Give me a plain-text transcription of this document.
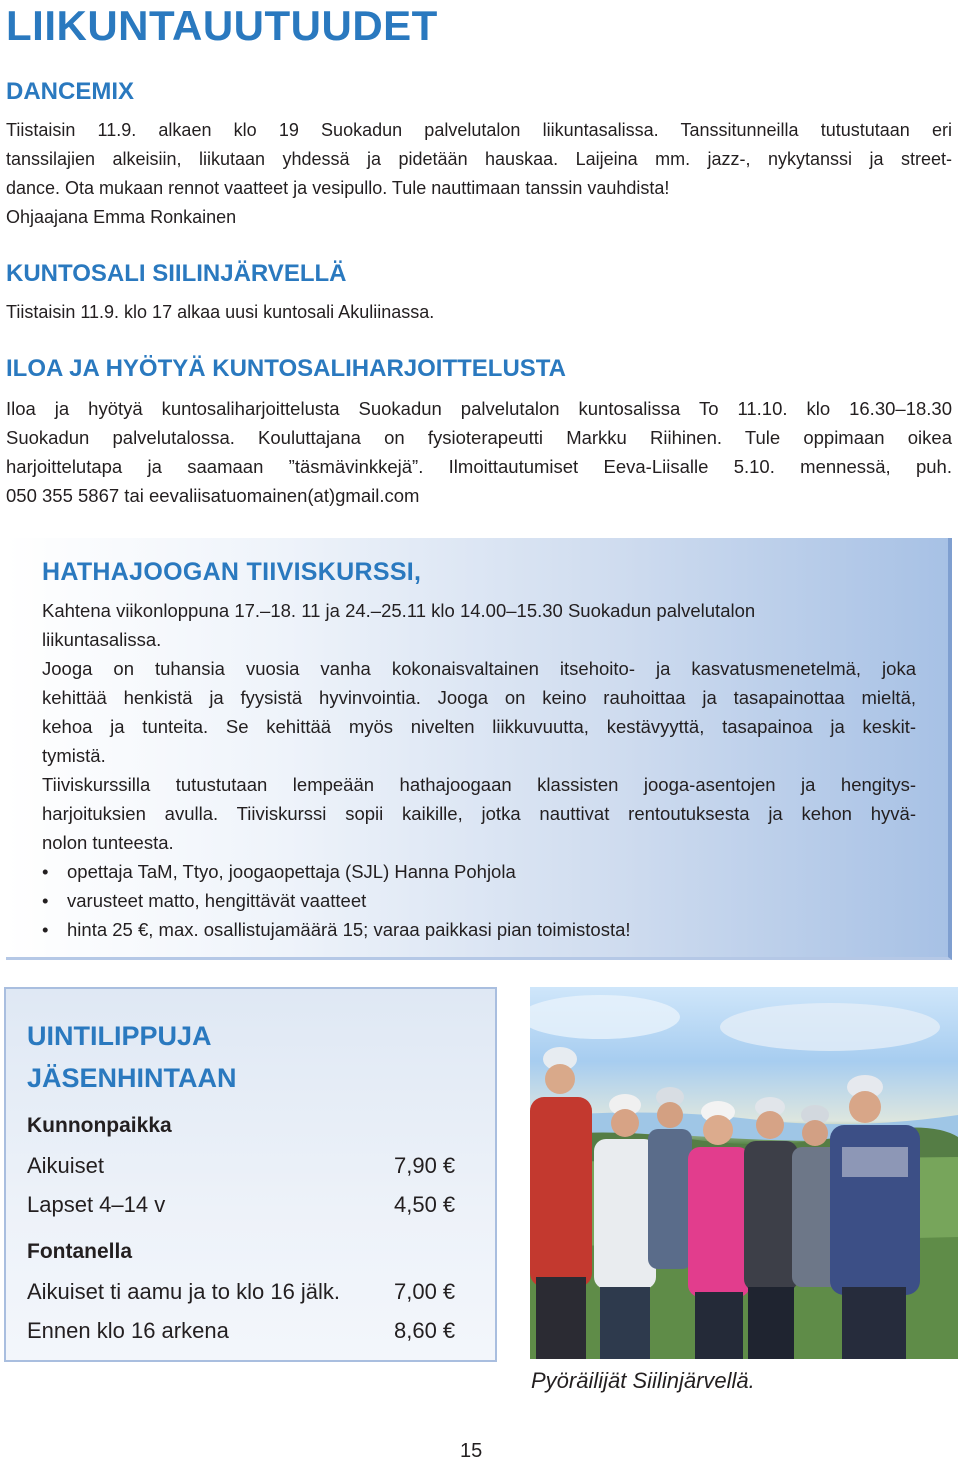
LIIKUNTAUUTUUDET
DANCEMIX
Tiistaisin 11.9. alkaen klo 19 Suokadun palvelutalon liikuntasalissa. Tanssitunneilla tutustutaan eri
tanssilajien alkeisiin, liikutaan yhdessä ja pidetään hauskaa. Laijeina mm. jazz-, nykytanssi ja street-
dance. Ota mukaan rennot vaatteet ja vesipullo. Tule nauttimaan tanssin vauhdista!
Ohjaajana Emma Ronkainen
KUNTOSALI SIILINJÄRVELLÄ
Tiistaisin 11.9. klo 17 alkaa uusi kuntosali Akuliinassa.
ILOA JA HYÖTYÄ KUNTOSALIHARJOITTELUSTA
Iloa ja hyötyä kuntosaliharjoittelusta Suokadun palvelutalon kuntosalissa To 11.10. klo 16.30–18.30
Suokadun palvelutalossa. Kouluttajana on fysioterapeutti Markku Riihinen. Tule oppimaan oikea
harjoittelutapa ja saamaan ”täsmävinkkejä”. Ilmoittautumiset Eeva-Liisalle 5.10. mennessä, puh.
050 355 5867 tai eevaliisatuomainen(at)gmail.com
HATHAJOOGAN TIIVISKURSSI,
Kahtena viikonloppuna 17.–18. 11 ja 24.–25.11 klo 14.00–15.30 Suokadun palvelutalon
liikuntasalissa.
Jooga on tuhansia vuosia vanha kokonaisvaltainen itsehoito- ja kasvatusmenetelmä, joka
kehittää henkistä ja fyysistä hyvinvointia. Jooga on keino rauhoittaa ja tasapainottaa mieltä,
kehoa ja tunteita. Se kehittää myös nivelten liikkuvuutta, kestävyyttä, tasapainoa ja keskit-
tymistä.
Tiiviskurssilla tutustutaan lempeään hathajoogaan klassisten jooga-asentojen ja hengitys-
harjoituksien avulla. Tiiviskurssi sopii kaikille, jotka nauttivat rentoutuksesta ja kehon hyvä-
nolon tunteesta.
• opettaja TaM, Ttyo, joogaopettaja (SJL) Hanna Pohjola
• varusteet matto, hengittävät vaatteet
• hinta 25 €, max. osallistujamäärä 15; varaa paikkasi pian toimistosta!
UINTILIPPUJA
JÄSENHINTAAN
Kunnonpaikka
Aikuiset	7,90 €
Lapset 4–14 v	4,50 €
Fontanella
Aikuiset ti aamu ja to klo 16 jälk. 7,00 €
Ennen klo 16 arkena	8,60 €
Pyöräilijät Siilinjärvellä.
15
